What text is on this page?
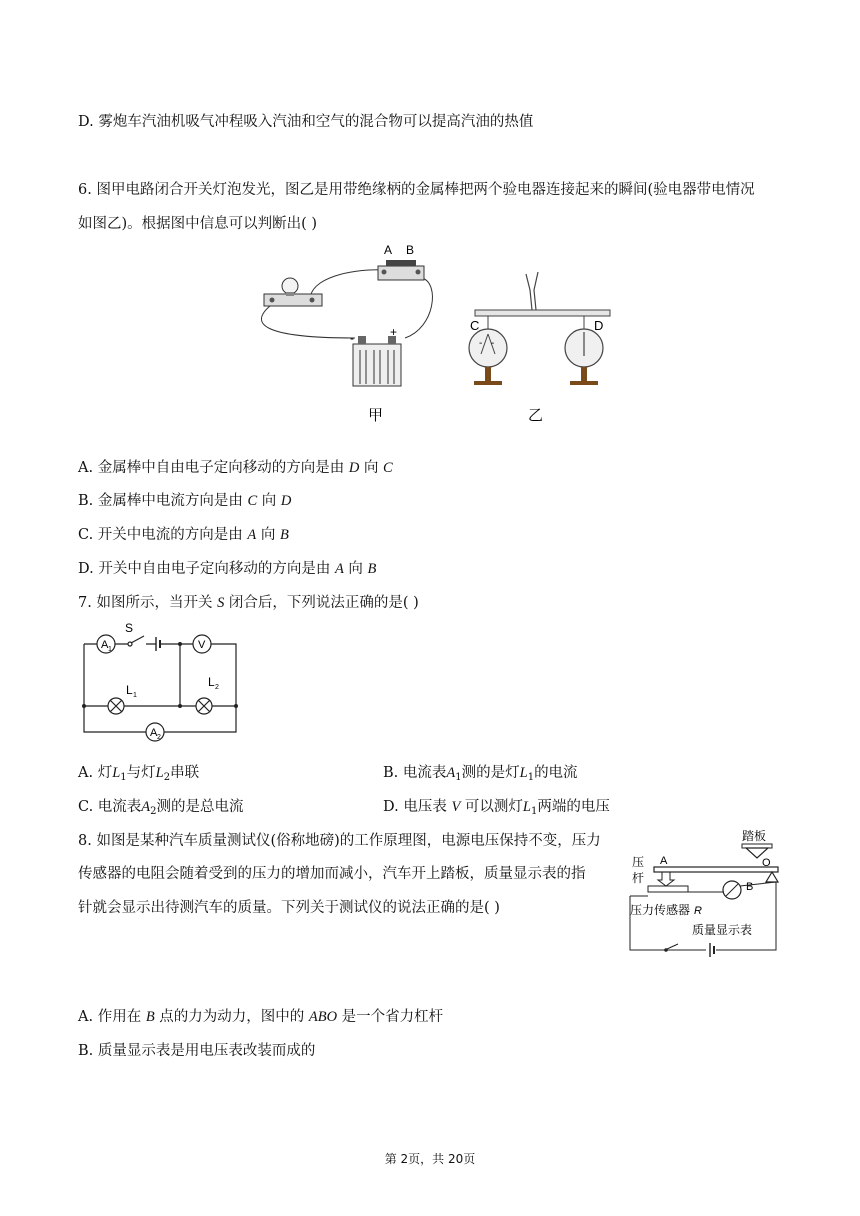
D. 雾炮车汽油机吸气冲程吸入汽油和空气的混合物可以提高汽油的热值
6. 图甲电路闭合开关灯泡发光，图乙是用带绝缘柄的金属棒把两个验电器连接起来的瞬间(验电器带电情况
如图乙)。根据图中信息可以判断出( )
A B
-	+
甲
- -
C	D
乙
A. 金属棒中自由电子定向移动的方向是由 D 向 C
B. 金属棒中电流方向是由 C 向 D
C. 开关中电流的方向是由 A 向 B
D. 开关中自由电子定向移动的方向是由 A 向 B
7. 如图所示，当开关 S 闭合后，下列说法正确的是( )
A 1
S
V
L 1
L 2
A 2
A. 灯$L_1$与灯$L_2$串联	B. 电流表$A_1$测的是灯$L_1$的电流
C. 电流表$A_2$测的是总电流	D. 电压表 V 可以测灯$L_1$两端的电压
8. 如图是某种汽车质量测试仪(俗称地磅)的工作原理图，电源电压保持不变，压力
传感器的电阻会随着受到的压力的增加而减小，汽车开上踏板，质量显示表的指
针就会显示出待测汽车的质量。下列关于测试仪的说法正确的是( )
踏板
压
杆
A	O
B
压力传感器 R
质量显示表
A. 作用在 B 点的力为动力，图中的 ABO 是一个省力杠杆
B. 质量显示表是用电压表改装而成的
第 2页，共 20页
